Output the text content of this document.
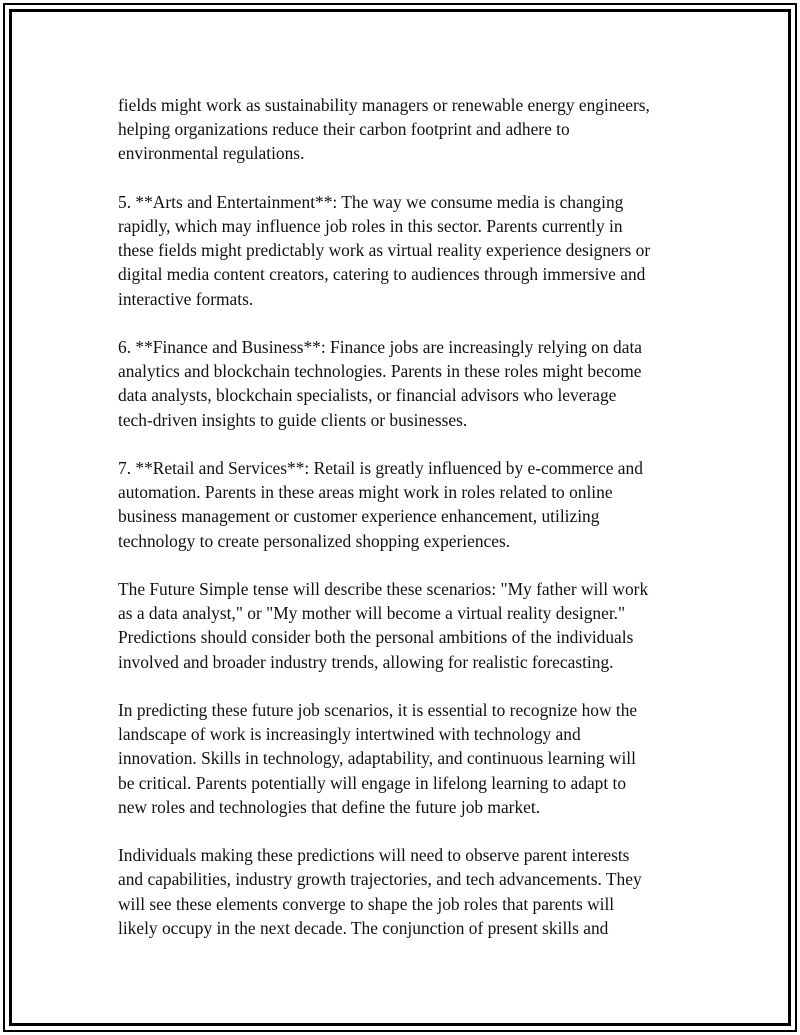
fields might work as sustainability managers or renewable energy engineers,
helping organizations reduce their carbon footprint and adhere to
environmental regulations.

5. **Arts and Entertainment**: The way we consume media is changing
rapidly, which may influence job roles in this sector. Parents currently in
these fields might predictably work as virtual reality experience designers or
digital media content creators, catering to audiences through immersive and
interactive formats.

6. **Finance and Business**: Finance jobs are increasingly relying on data
analytics and blockchain technologies. Parents in these roles might become
data analysts, blockchain specialists, or financial advisors who leverage
tech-driven insights to guide clients or businesses.

7. **Retail and Services**: Retail is greatly influenced by e-commerce and
automation. Parents in these areas might work in roles related to online
business management or customer experience enhancement, utilizing
technology to create personalized shopping experiences.

The Future Simple tense will describe these scenarios: "My father will work
as a data analyst," or "My mother will become a virtual reality designer."
Predictions should consider both the personal ambitions of the individuals
involved and broader industry trends, allowing for realistic forecasting.

In predicting these future job scenarios, it is essential to recognize how the
landscape of work is increasingly intertwined with technology and
innovation. Skills in technology, adaptability, and continuous learning will
be critical. Parents potentially will engage in lifelong learning to adapt to
new roles and technologies that define the future job market.

Individuals making these predictions will need to observe parent interests
and capabilities, industry growth trajectories, and tech advancements. They
will see these elements converge to shape the job roles that parents will
likely occupy in the next decade. The conjunction of present skills and
